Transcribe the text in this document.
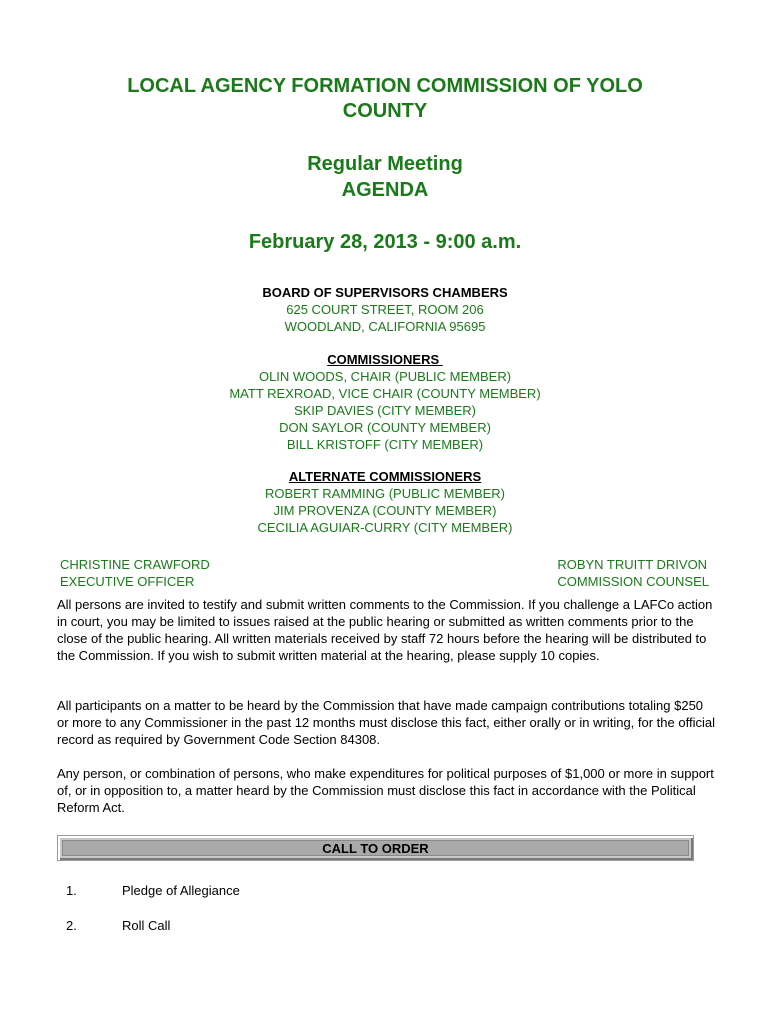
LOCAL AGENCY FORMATION COMMISSION OF YOLO
COUNTY
Regular Meeting
AGENDA
February 28, 2013 - 9:00 a.m.
BOARD OF SUPERVISORS CHAMBERS
625 COURT STREET, ROOM 206
WOODLAND, CALIFORNIA 95695
COMMISSIONERS
OLIN WOODS, CHAIR (PUBLIC MEMBER)
MATT REXROAD, VICE CHAIR (COUNTY MEMBER)
SKIP DAVIES (CITY MEMBER)
DON SAYLOR (COUNTY MEMBER)
BILL KRISTOFF (CITY MEMBER)
ALTERNATE COMMISSIONERS
ROBERT RAMMING (PUBLIC MEMBER)
JIM PROVENZA (COUNTY MEMBER)
CECILIA AGUIAR-CURRY (CITY MEMBER)
CHRISTINE CRAWFORD
EXECUTIVE OFFICER
ROBYN TRUITT DRIVON
COMMISSION COUNSEL
All persons are invited to testify and submit written comments to the Commission. If you challenge a LAFCo action in court, you may be limited to issues raised at the public hearing or submitted as written comments prior to the close of the public hearing. All written materials received by staff 72 hours before the hearing will be distributed to the Commission. If you wish to submit written material at the hearing, please supply 10 copies.
All participants on a matter to be heard by the Commission that have made campaign contributions totaling $250 or more to any Commissioner in the past 12 months must disclose this fact, either orally or in writing, for the official record as required by Government Code Section 84308.
Any person, or combination of persons, who make expenditures for political purposes of $1,000 or more in support of, or in opposition to, a matter heard by the Commission must disclose this fact in accordance with the Political Reform Act.
CALL TO ORDER
1.	Pledge of Allegiance
2.	Roll Call
